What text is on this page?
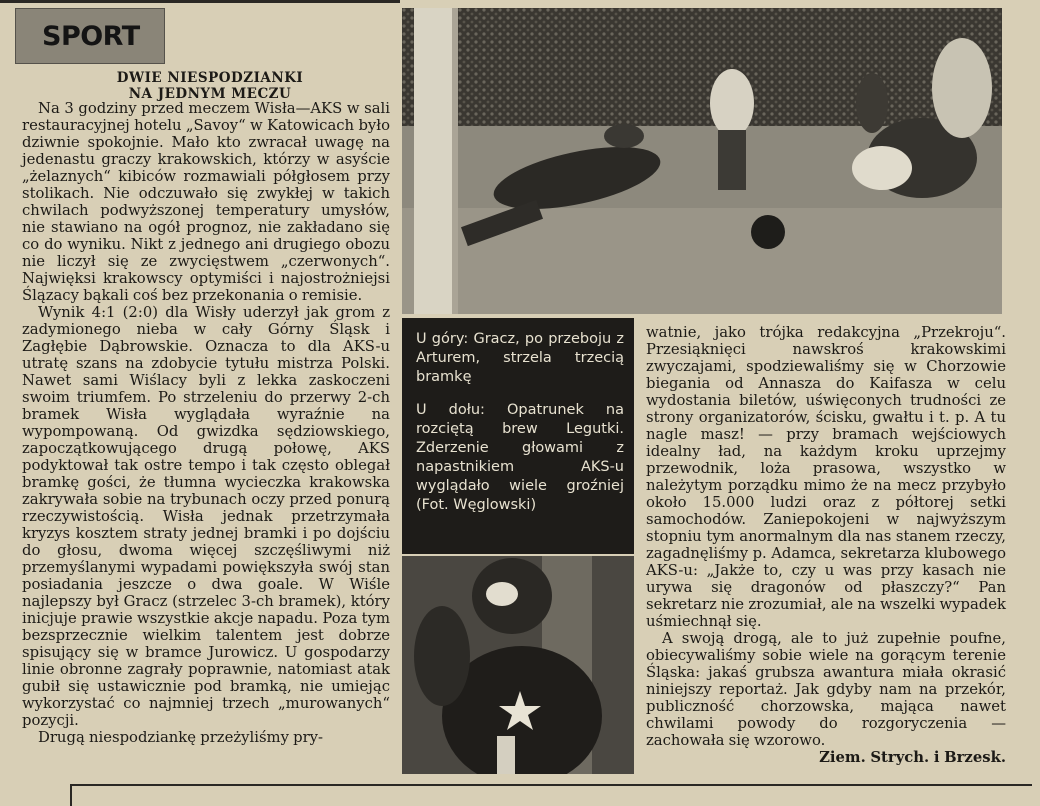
SPORT
DWIE NIESPODZIANKI
NA JEDNYM MECZU

Na 3 godziny przed meczem Wisła—AKS w sali restauracyjnej hotelu „Savoy“ w Katowicach było dziwnie spokojnie. Mało kto zwracał uwagę na jedenastu graczy krakowskich, którzy w asyście „żelaznych“ kibiców rozmawiali półgłosem przy stolikach. Nie odczuwało się zwykłej w takich chwilach podwyższonej temperatury umysłów, nie stawiano na ogół prognoz, nie zakładano się co do wyniku. Nikt z jednego ani drugiego obozu nie liczył się ze zwycięstwem „czerwonych“. Najwięksi krakowscy optymiści i najostrożniejsi Ślązacy bąkali coś bez przekonania o remisie.

Wynik 4:1 (2:0) dla Wisły uderzył jak grom z zadymionego nieba w cały Górny Śląsk i Zagłębie Dąbrowskie. Oznacza to dla AKS-u utratę szans na zdobycie tytułu mistrza Polski. Nawet sami Wiślacy byli z lekka zaskoczeni swoim triumfem. Po strzeleniu do przerwy 2-ch bramek Wisła wyglądała wyraźnie na wypompowaną. Od gwizdka sędziowskiego, zapoczątkowującego drugą połowę, AKS podyktował tak ostre tempo i tak często oblegał bramkę gości, że tłumna wycieczka krakowska zakrywała sobie na trybunach oczy przed ponurą rzeczywistością. Wisła jednak przetrzymała kryzys kosztem straty jednej bramki i po dojściu do głosu, dwoma więcej szczęśliwymi niż przemyślanymi wypadami powiększyła swój stan posiadania jeszcze o dwa goale. W Wiśle najlepszy był Gracz (strzelec 3-ch bramek), który inicjuje prawie wszystkie akcje napadu. Poza tym bezsprzecznie wielkim talentem jest dobrze spisujący się w bramce Jurowicz. U gospodarzy linie obronne zagrały poprawnie, natomiast atak gubił się ustawicznie pod bramką, nie umiejąc wykorzystać co najmniej trzech „murowanych“ pozycji.

Drugą niespodziankę przeżyliśmy pry-

U góry: Gracz, po przeboju z Arturem, strzela trzecią bramkę

U dołu: Opatrunek na rozciętą brew Legutki. Zderzenie głowami z napastnikiem AKS-u wyglądało wiele groźniej (Fot. Węglowski)

watnie, jako trójka redakcyjna „Przekroju“. Przesiąknięci nawskroś krakowskimi zwyczajami, spodziewaliśmy się w Chorzowie biegania od Annasza do Kaifasza w celu wydostania biletów, uświęconych trudności ze strony organizatorów, ścisku, gwałtu i t. p. A tu nagle masz! — przy bramach wejściowych idealny ład, na każdym kroku uprzejmy przewodnik, loża prasowa, wszystko w należytym porządku mimo że na mecz przybyło około 15.000 ludzi oraz z półtorej setki samochodów. Zaniepokojeni w najwyższym stopniu tym anormalnym dla nas stanem rzeczy, zagadnęliśmy p. Adamca, sekretarza klubowego AKS-u: „Jakże to, czy u was przy kasach nie urywa się dragonów od płaszczy?“ Pan sekretarz nie zrozumiał, ale na wszelki wypadek uśmiechnął się.

A swoją drogą, ale to już zupełnie poufne, obiecywaliśmy sobie wiele na gorącym terenie Śląska: jakaś grubsza awantura miała okrasić niniejszy reportaż. Jak gdyby nam na przekór, publiczność chorzowska, mająca nawet chwilami powody do rozgoryczenia — zachowała się wzorowo.

Ziem. Strych. i Brzesk.
